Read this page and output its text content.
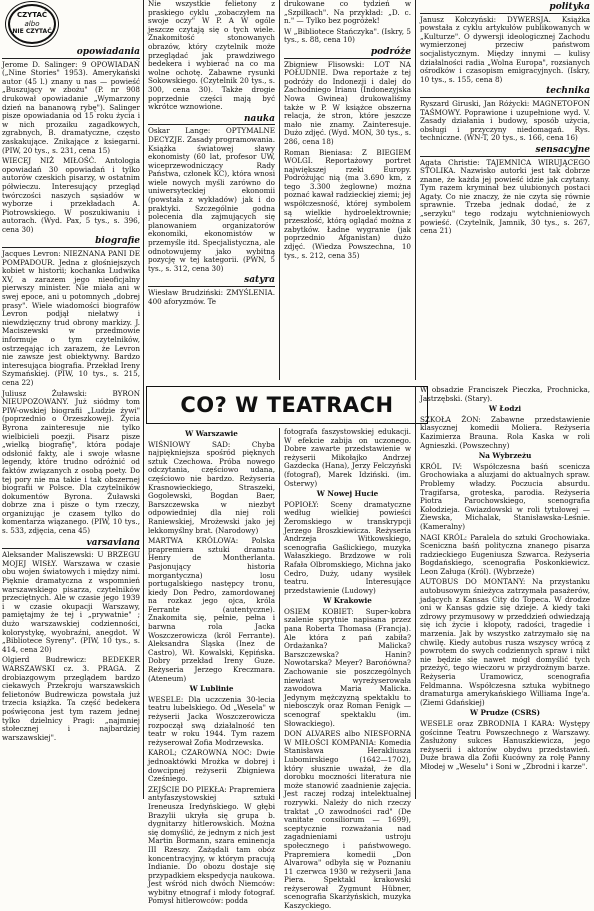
CZYTAĆ
albo
NIE CZYTAĆ
opowiadania

Jerome D. Salinger: 9 OPOWIADAŃ („Nine Stories" 1953). Amerykański autor (45 l.) znany u nas — powieść „Buszujący w zbożu" (P. nr 908 drukował opowiadanie „Wymarzony dzień na bananową rybę"). Salinger pisze opowiadania od 15 roku życia i w nich prozaiku zagadkowych, zgrabnych, B. dramatyczne, często zaskakujące. Znikające z ksiegarni. (PIW, 20 tys., s. 231, cena 15)

WIECEJ NIŻ MIŁOŚĆ. Antologia opowiadań 30 opowiadań i tylko autorów czeskich pisarzy, w ostatnim półwieczu. Interesujący przegląd twórczości naszych sąsiadów w wyborze i przekładach A. Piotrowskiego. W poszukiwaniu i autorach. (Wyd. Pax, 5 tys., s. 396, cena 30)

biografie

Jacques Levron: NIEZNANA PANI DE POMPADOUR. Jedna z głośniejszych kobiet w historii; kochanka Ludwika XV, a zarazem jego nieoficjalny pierwszy minister. Nie miała ani w swej epoce, ani u potomnych „dobrej prasy". Wiele wiadomości biografów Levron podjął niełatwy i niewdzięczny trud obrony markizy. J. Maciszewski w przedmowie informuje o tym czytelników, ostrzegając ich zarazem, że Levron nie zawsze jest obiektywny. Bardzo interesująca biografia. Przekład Ireny Szymańskiej. (PIW, 10 tys., s. 215, cena 22)

Juliusz Żuławski: BYRON NIEUPOZOWANY. Już siódmy tom PIW-owskiej biografii „Ludzie żywi" (poprzednio o Orzeszkowej). Życia Byrona zainteresuje nie tylko wielbicieli poezji. Pisarz pisze „wielką biografię", która podaje odsłonić fakty, ale i swoje własne legendy, które trudno odróżnić od faktów związanych z osobą poety. Do tej pory nie ma takie i tak obszernej biografii w Polsce. Dla czytelników dokumentów Byrona. Żuławski dobrze zna i pisze o tym rzeczy, organizując je czasem tylko do komentarza wiązanego. (PIW, 10 tys., s. 533, zdjęcia, cena 45)

varsaviana

Aleksander Maliszewski: U BRZEGU MOJEJ WISŁY. Warszawa w czasie obu wojen światowych i między nimi. Pięknie dramatyczna z wspomnień warszawskiego pisarza, czytelników przeciętnych. Ale w czasie jego 1939 i w czasie okupacji Warszawy, pamiętajmy że tej i „prywatnie" ; dużo warszawskiej codzienności, kolorystykę, wyobraźni, anegdot. W „Bibliotece Syreny". (PIW, 10 tys., s. 414, cena 20)

Olgierd Budrewicz: BEDEKER WARSZAWSKI cz. 3. PRAGA. Z drobiazgowym przeglądem bardzo ciekawych Przekroju warszawskich felietonów Budrewicza powstała już trzecia książka. Ta część bedekera poświęcona jest tym razem jednej tylko dzielnicy Pragi: „najmniej stołecznej i najbardziej warszawskiej".

Nie wszystkie felietony z praskiego cyklu „zobaczyłem na swoje oczy" W P. A W ogóle jeszcze czytają się o tych wiele. Znakomitość stonowanych obrazów, który czytelnik może przeglądać jak prawdziwego bedekera i wybierać na co ma wolne ochotę. Zabawne rysunki Sokowskiego. (Czytelnik 20 tys., s. 300, cena 30). Także drogie poprzednie części mają być wkrótce wznowione.

nauka

Oskar Lange: OPTYMALNE DECYZJE. Zasady programowania. Książka światowej sławy ekonomisty (60 lat, profesor UW, wiceprzewodniczący Rady Państwa, członek KC), która wnosi wiele nowych myśli zarówno do uniwersyteckiej ekonomii (powstała z wykładów) jak i do praktyki. Szczególnie godna polecenia dla zajmujących się planowaniem organizatorów ekonomiki, ekonomistów w przemyśle itd. Specjalistyczna, ale odnotowujemy jako wybitną pozycję w tej kategorii. (PWN, 5 tys., s. 312, cena 30)

satyra

Wiesław Brudziński: ZMYŚLENIA. 400 aforyzmów. Te

drukowane co tydzień w „Szpilkach". Na przykład: „D. c. n." — Tylko bez pogróżek!

W „Bibliotece Stańczyka". (Iskry, 5 tys., s. 88, cena 10)

podróże

Zbigniew Flisowski: LOT NA POŁUDNIE. Dwa reportaże z tej podróży do Indonezji i dalej do Zachodniego Irianu (Indonezyjska Nowa Gwinea) drukowaliśmy także w P. W książce obszerna relacja, że stron, które jeszcze mało nie znamy. Zainteresuje. Dużo zdjęć. (Wyd. MON, 30 tys., s. 286, cena 18)

Roman Bieniasa: Z BIEGIEM WOLGI. Reportażowy portret największej rzeki Europy. Podróżując nią (ma 3.690 km, z tego 3.300 żeglowne) można poznać kawał radzieckiej ziemi; jej współczesność, której symbolem są wielkie hydroelektrownie; przeszłość, którą oglądać można z zabytków. Ładne wygranie (jak poprzednio Afganistan) dużo zdjęć. (Wiedza Powszechna, 10 tys., s. 212, cena 35)

polityka

Janusz Kołczyński: DYWERSJA. Książka powstała z cyklu artykułów publikowanych w „Kulturze". O dywersji ideologicznej Zachodu wymierzonej przeciw państwom socjalistycznym. Między innymi — kulisy działalności radia „Wolna Europa", rozsianych ośrodków i czasopism emigracyjnych. (Iskry, 10 tys., s. 155, cena 8)

technika

Ryszard Giruski, Jan Różycki: MAGNETOFON TAŚMOWY. Poprawione i uzupełnione wyd. V. Zasady działania i budowy, sposób użycia, obsługi i przyczyny niedomagań. Rys. techniczne. (WN-T, 20 tys., s. 166, cena 16)

sensacyjne

Agata Christie: TAJEMNICA WIRUJĄCEGO STOLIKA. Nazwisko autorki jest tak dobrze znane, że każda jej powieść idzie jak czytany. Tym razem kryminał bez ulubionych postaci Agaty. Co nie znaczy, że nie czyta się równie sprawnie. Trzeba jednak dodać, że z „serzyku" tego rodzaju wytchnieniowych powieść. (Czytelnik, Jamnik, 30 tys., s. 267, cena 21)

CO? W TEATRACH
W Warszawie

WIŚNIOWY SAD: Chyba najpiękniejsza spośród pięknych sztuk Czechowa. Próba nowego odczytania, częściowo udana, częściowo nie bardzo. Reżyseria Krasnowieckiego, Straszeki, Gogolewski, Bogdan Baer, Barszczewska w niezbyt odpowiedniej dla niej roli Raniewskiej, Mrożewski jako jej lekkomyślny brat. (Narodowy)

MARTWA KRÓLOWA: Polska prapremiera sztuki dramatu Henry de Montherlanta. Pasjonujący historia morgantyczna) losu portugalskiego następcy tronu, kiedy Don Pedro, zamordowanej na rozkaz jego ojca, króla Ferrante (autentyczne). Znakomita się, pełnie, pełna i barwna rola Jacka Woszczerowicza (król Ferrante). Aleksandra Śląska (Inez de Castro), Wł. Kowalski, Kępińska. Dobry przekład Ireny Guze. Reżyseria Jerzego Kreczmara. (Ateneum)

W Lublinie

WESELE: Dla uczczenia 30-lecia teatru lubelskiego. Od „Wesela" w reżyserii Jacka Woszczerowicza rozpoczął swą działalność ten teatr w roku 1944. Tym razem reżyserował Zofia Modrzewska.

KAROL; CZAROWNA NOC: Dwie jednoaktówki Mrożka w dobrej i dowcipnej reżyserii Zbigniewa Cześniego.

ZEJŚCIE DO PIEKŁA: Prapremiera antyfaszystowskiej sztuki Ireneusza Iredyńskiego. W głębi Brazylii ukryła się grupa b. dygnitarzy hitlerowskich. Można się domyślić, że jednym z nich jest Martin Bormann, szara eminencja III Rzeszy. Zażądali tam obóz koncentracyjny, w którym pracują Indianie. Do obozu dostaje się przypadkiem ekspedycja naukowa. Jest wśród nich dwóch Niemców: wybitny etnograf i młody fotograf. Pomysł hitlerowców: podda

fotografa faszystowskiej edukacji. W efekcie zabija on uczonego. Dobre zawarte przedstawienie w reżyserii Mikołajko Andrzej Gazdecka (Hana), Jerzy Felczyński (fotograf), Marek Idziński. (im. Osterwy)

W Nowej Hucie

POPIOŁY: Sceny dramatyczne według wielkiej powieści Żeromskiego w transkrypcji Jerzego Broszkiewicza. Reżyseria Andrzeja Witkowskiego, scenografia Gaślickiego, muzyka Wałaszkiego. Brzdzowe w roli Rafała Olbromskiego, Michna jako Cedro, Duży, udany wysiłek teatru. Interesujące przedstawienie (Ludowy)

W Krakowie

OSIEM KOBIET: Super-kobra szalenie sprytnie napisana przez pana Roberta Thomasa (Francja). Ale która z pań zabiła? Ordażanka? Malicka? Barszczewska? Hanin? Nowotarska? Meyer? Barońówna? Zachowanie sie poszczególnych niewiast wyreżyserowała zawodowa Maria Malicka. Jedynym mężczyzną spektaklu to niebosczyk oraz Roman Fenigk — scenograf spektaklu (im. Słowackiego).

DON ALVARES albo NIESFORNA W MIŁOŚCI KOMPANIA: Komedia Stanisława Herakliusza Lubomirskiego (1642—1702), który słusznie uważał, że dla dorobku moczności literatura nie może stanowić zaadnienie zajęcia. Jest raczej rodzaj intelektualnej rozrywki. Należy do nich rzeczy traktat „O zawodności rad" (De vanitate consiliorum — 1699), sceptycznie rozważania nad zagadnieniami ustroju społecznego i państwowego. Prapremiera komedii „Don Alvarowa" odbyła się w Poznaniu 11 czerwca 1930 w reżyserii Jana Piera. Spektakl krakowski reżyserował Zygmunt Hübner, scenografia Skarżyńskich, muzyka Kaszyckiego.

W obsadzie Franciszek Pieczka, Prochnicka, Jastrzębski. (Stary).

W Łodzi

SZKOŁA ŻON: Zabawne przedstawienie klasycznej komedii Moliera. Reżyseria Kazimierza Brauna. Rola Kaska w roli Agnieszki. (Powszechny)

Na Wybrzeżu

KRÓL IV: Współczesna baśń scenicza Grochowiaka a aluzjami do aktualnych spraw. Problemy władzy. Poczucia absurdu. Tragifarsa, groteska, parodia. Reżyseria Piotra Parochowskiego, scenografia Kołodzieja. Gwiazdowski w roli tytułowej — Ziewska, Michalak, Stanisławska-Leśnie. (Kameralny)

NAGI KRÓL: Paralela do sztuki Grochowiaka. Sceniczna baśń polityczna znanego pisarza radzieckiego Eugeniusza Szwarca. Reżyseria Bogdańskiego, scenografia Poskonkiewicz. Leon Załuga (Król). (Wybrzeże)

AUTOBUS DO MONTANY: Na przystanku autobusowym śnieżyca zatrzymała pasażerów, jadących z Kansas City do Topeca. W drodze oni w Kansas gdzie się dzieje. A kiedy taki zdrowy przymusowy w przeddzień odwiedzają się ich życie i kłopoty, radości, tragedie i marzenia. Jak by wszystko zatrzymało się na chwilę. Kiedy autobus rusza wszyscy wrócą z powrotem do swych codziennych spraw i nikt nie będzie się nawet mógł domyślić tych przeżyć, tego wieczoru w przydrożnym barze. Reżyseria Uramowicz, scenografia Feldmanna. Współczesna sztuka wybitnego dramaturga amerykańskiego Williama Inge'a. (Ziemi Gdańskiej)

W Prudze (CSRS)

WESELE oraz ZBRODNIA I KARA: Występy gościnne Teatru Powszechnego z Warszawy. Zasłużony sukces Hanuszkiewicza, jego reżyserii i aktorów obydwu przedstawień. Duże brawa dla Zofii Kucówny za rolę Panny Młodej w „Weselu" i Soni w „Zbrodni i karze".
